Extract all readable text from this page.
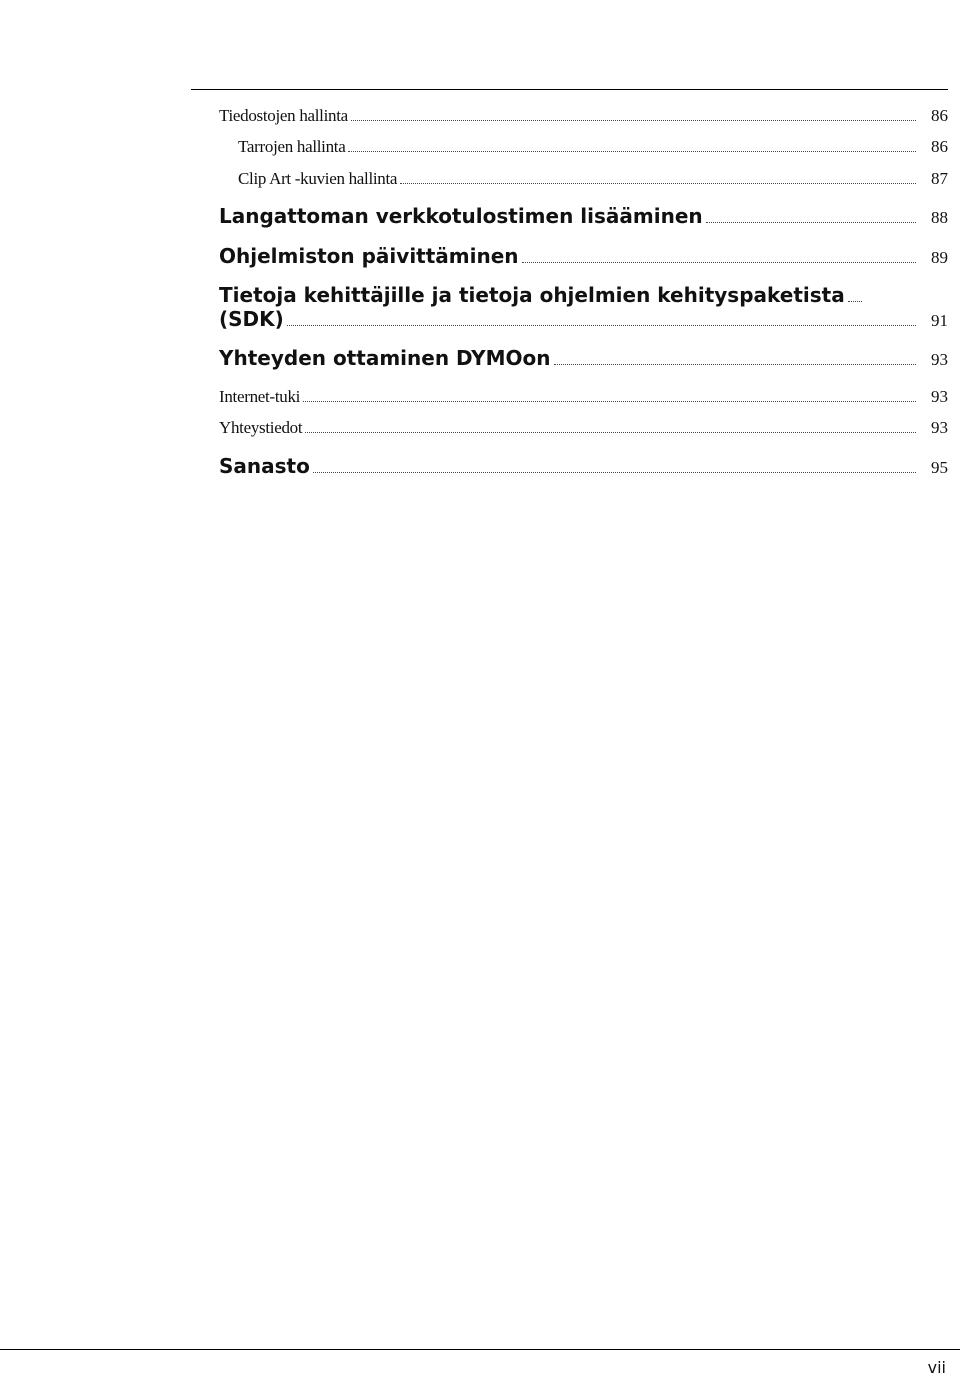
Tiedostojen hallinta	86
Tarrojen hallinta	86
Clip Art -kuvien hallinta	87
Langattoman verkkotulostimen lisääminen	88
Ohjelmiston päivittäminen	89
Tietoja kehittäjille ja tietoja ohjelmien kehityspaketista
(SDK)	91
Yhteyden ottaminen DYMOon	93
Internet-tuki	93
Yhteystiedot	93
Sanasto	95
vii
